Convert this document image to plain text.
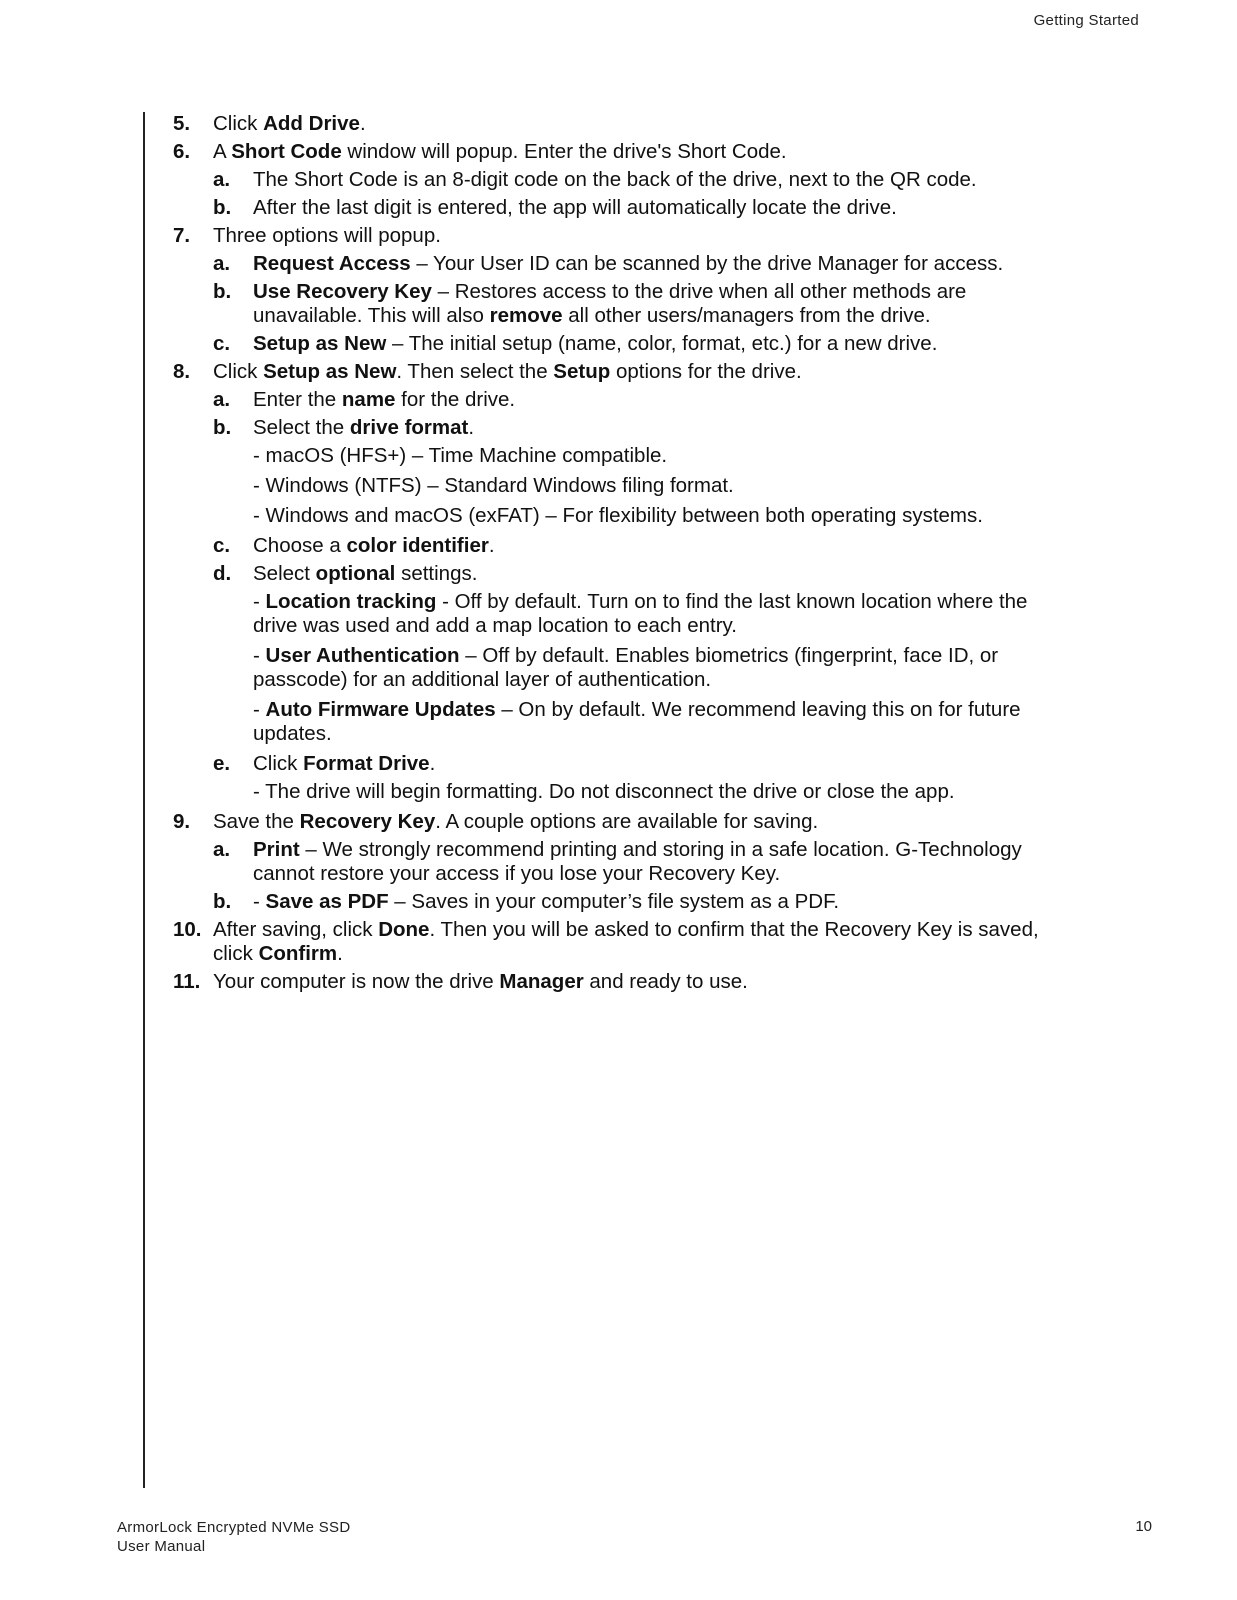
Getting Started
5. Click Add Drive.
6. A Short Code window will popup. Enter the drive's Short Code.
a. The Short Code is an 8-digit code on the back of the drive, next to the QR code.
b. After the last digit is entered, the app will automatically locate the drive.
7. Three options will popup.
a. Request Access – Your User ID can be scanned by the drive Manager for access.
b. Use Recovery Key – Restores access to the drive when all other methods are unavailable. This will also remove all other users/managers from the drive.
c. Setup as New – The initial setup (name, color, format, etc.) for a new drive.
8. Click Setup as New. Then select the Setup options for the drive.
a. Enter the name for the drive.
b. Select the drive format.
- macOS (HFS+) – Time Machine compatible.
- Windows (NTFS) – Standard Windows filing format.
- Windows and macOS (exFAT) – For flexibility between both operating systems.
c. Choose a color identifier.
d. Select optional settings.
- Location tracking - Off by default. Turn on to find the last known location where the drive was used and add a map location to each entry.
- User Authentication – Off by default. Enables biometrics (fingerprint, face ID, or passcode) for an additional layer of authentication.
- Auto Firmware Updates – On by default. We recommend leaving this on for future updates.
e. Click Format Drive.
- The drive will begin formatting. Do not disconnect the drive or close the app.
9. Save the Recovery Key. A couple options are available for saving.
a. Print – We strongly recommend printing and storing in a safe location. G-Technology cannot restore your access if you lose your Recovery Key.
b. - Save as PDF – Saves in your computer’s file system as a PDF.
10. After saving, click Done. Then you will be asked to confirm that the Recovery Key is saved, click Confirm.
11. Your computer is now the drive Manager and ready to use.
ArmorLock Encrypted NVMe SSD
User Manual
10
